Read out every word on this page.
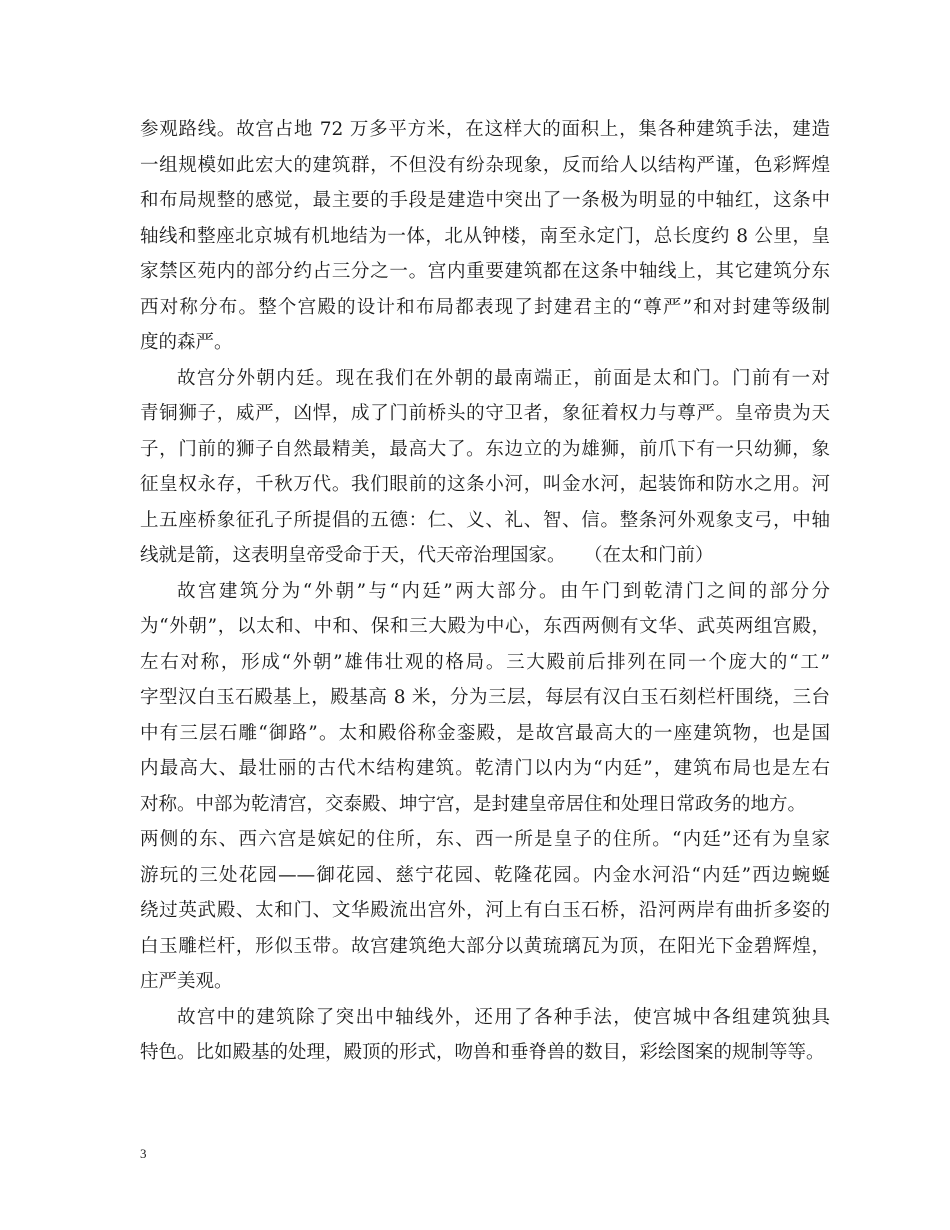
参观路线。故宫占地 72 万多平方米，在这样大的面积上，集各种建筑手法，建造
一组规模如此宏大的建筑群，不但没有纷杂现象，反而给人以结构严谨，色彩辉煌
和布局规整的感觉，最主要的手段是建造中突出了一条极为明显的中轴红，这条中
轴线和整座北京城有机地结为一体，北从钟楼，南至永定门，总长度约 8 公里，皇
家禁区苑内的部分约占三分之一。宫内重要建筑都在这条中轴线上，其它建筑分东
西对称分布。整个宫殿的设计和布局都表现了封建君主的“尊严”和对封建等级制
度的森严。
故宫分外朝内廷。现在我们在外朝的最南端正，前面是太和门。门前有一对
青铜狮子，威严，凶悍，成了门前桥头的守卫者，象征着权力与尊严。皇帝贵为天
子，门前的狮子自然最精美，最高大了。东边立的为雄狮，前爪下有一只幼狮，象
征皇权永存，千秋万代。我们眼前的这条小河，叫金水河，起装饰和防水之用。河
上五座桥象征孔子所提倡的五德：仁、义、礼、智、信。整条河外观象支弓，中轴
线就是箭，这表明皇帝受命于天，代天帝治理国家。　　（在太和门前）
故宫建筑分为“外朝”与“内廷”两大部分。由午门到乾清门之间的部分分
为“外朝”，以太和、中和、保和三大殿为中心，东西两侧有文华、武英两组宫殿，
左右对称，形成“外朝”雄伟壮观的格局。三大殿前后排列在同一个庞大的“工”
字型汉白玉石殿基上，殿基高 8 米，分为三层，每层有汉白玉石刻栏杆围绕，三台
中有三层石雕“御路”。太和殿俗称金銮殿，是故宫最高大的一座建筑物，也是国
内最高大、最壮丽的古代木结构建筑。乾清门以内为“内廷”，建筑布局也是左右
对称。中部为乾清宫，交泰殿、坤宁宫，是封建皇帝居住和处理日常政务的地方。
两侧的东、西六宫是嫔妃的住所，东、西一所是皇子的住所。“内廷”还有为皇家
游玩的三处花园——御花园、慈宁花园、乾隆花园。内金水河沿“内廷”西边蜿蜒
绕过英武殿、太和门、文华殿流出宫外，河上有白玉石桥，沿河两岸有曲折多姿的
白玉雕栏杆，形似玉带。故宫建筑绝大部分以黄琉璃瓦为顶，在阳光下金碧辉煌，
庄严美观。
故宫中的建筑除了突出中轴线外，还用了各种手法，使宫城中各组建筑独具
特色。比如殿基的处理，殿顶的形式，吻兽和垂脊兽的数目，彩绘图案的规制等等。
3
